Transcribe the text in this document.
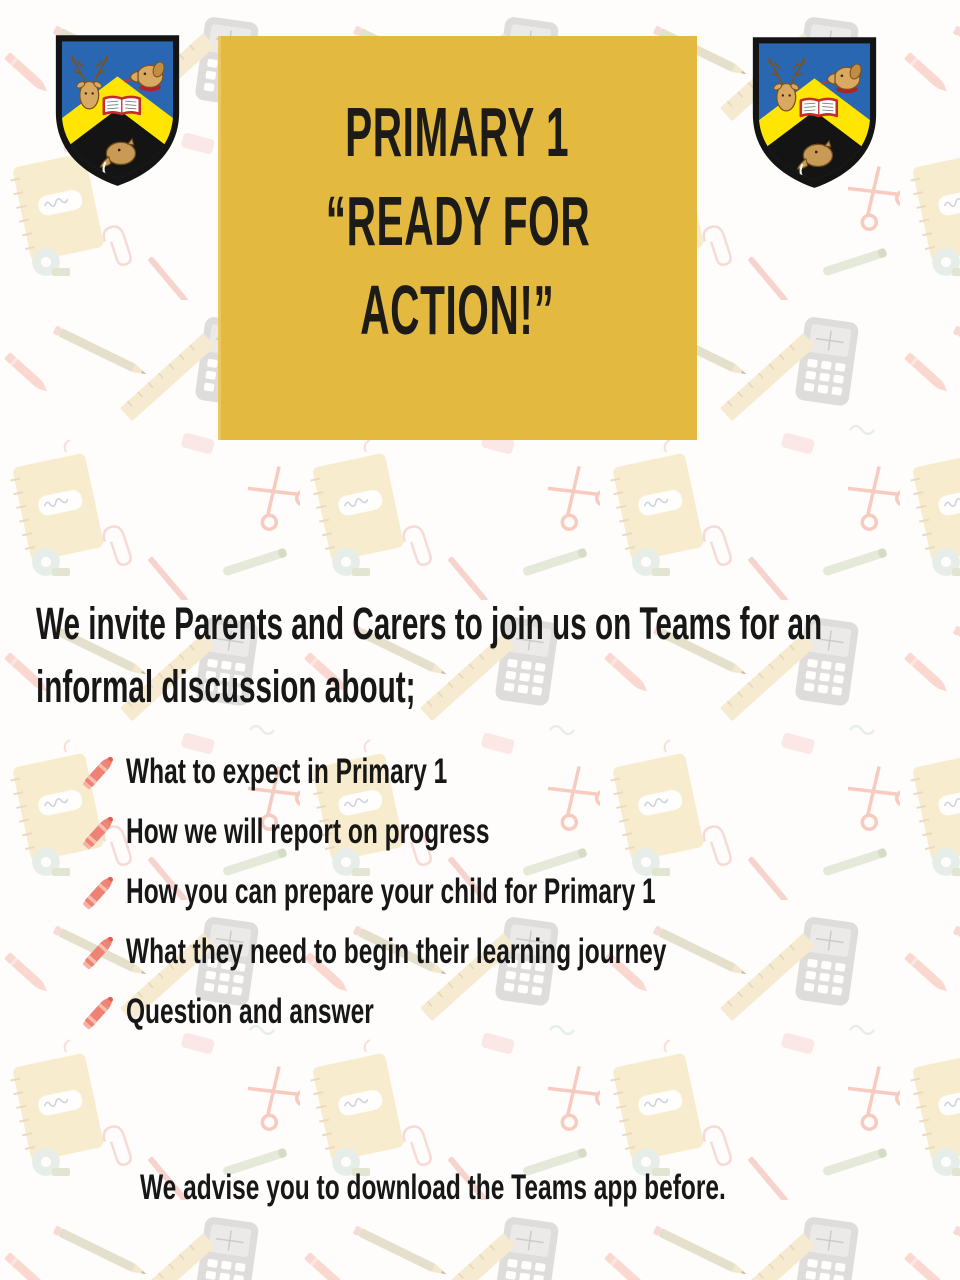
PRIMARY 1
“READY FOR
ACTION!”
We invite Parents and Carers to join us on Teams for an
informal discussion about;
What to expect in Primary 1
How we will report on progress
How you can prepare your child for Primary 1
What they need to begin their learning journey
Question and answer
We advise you to download the Teams app before.
